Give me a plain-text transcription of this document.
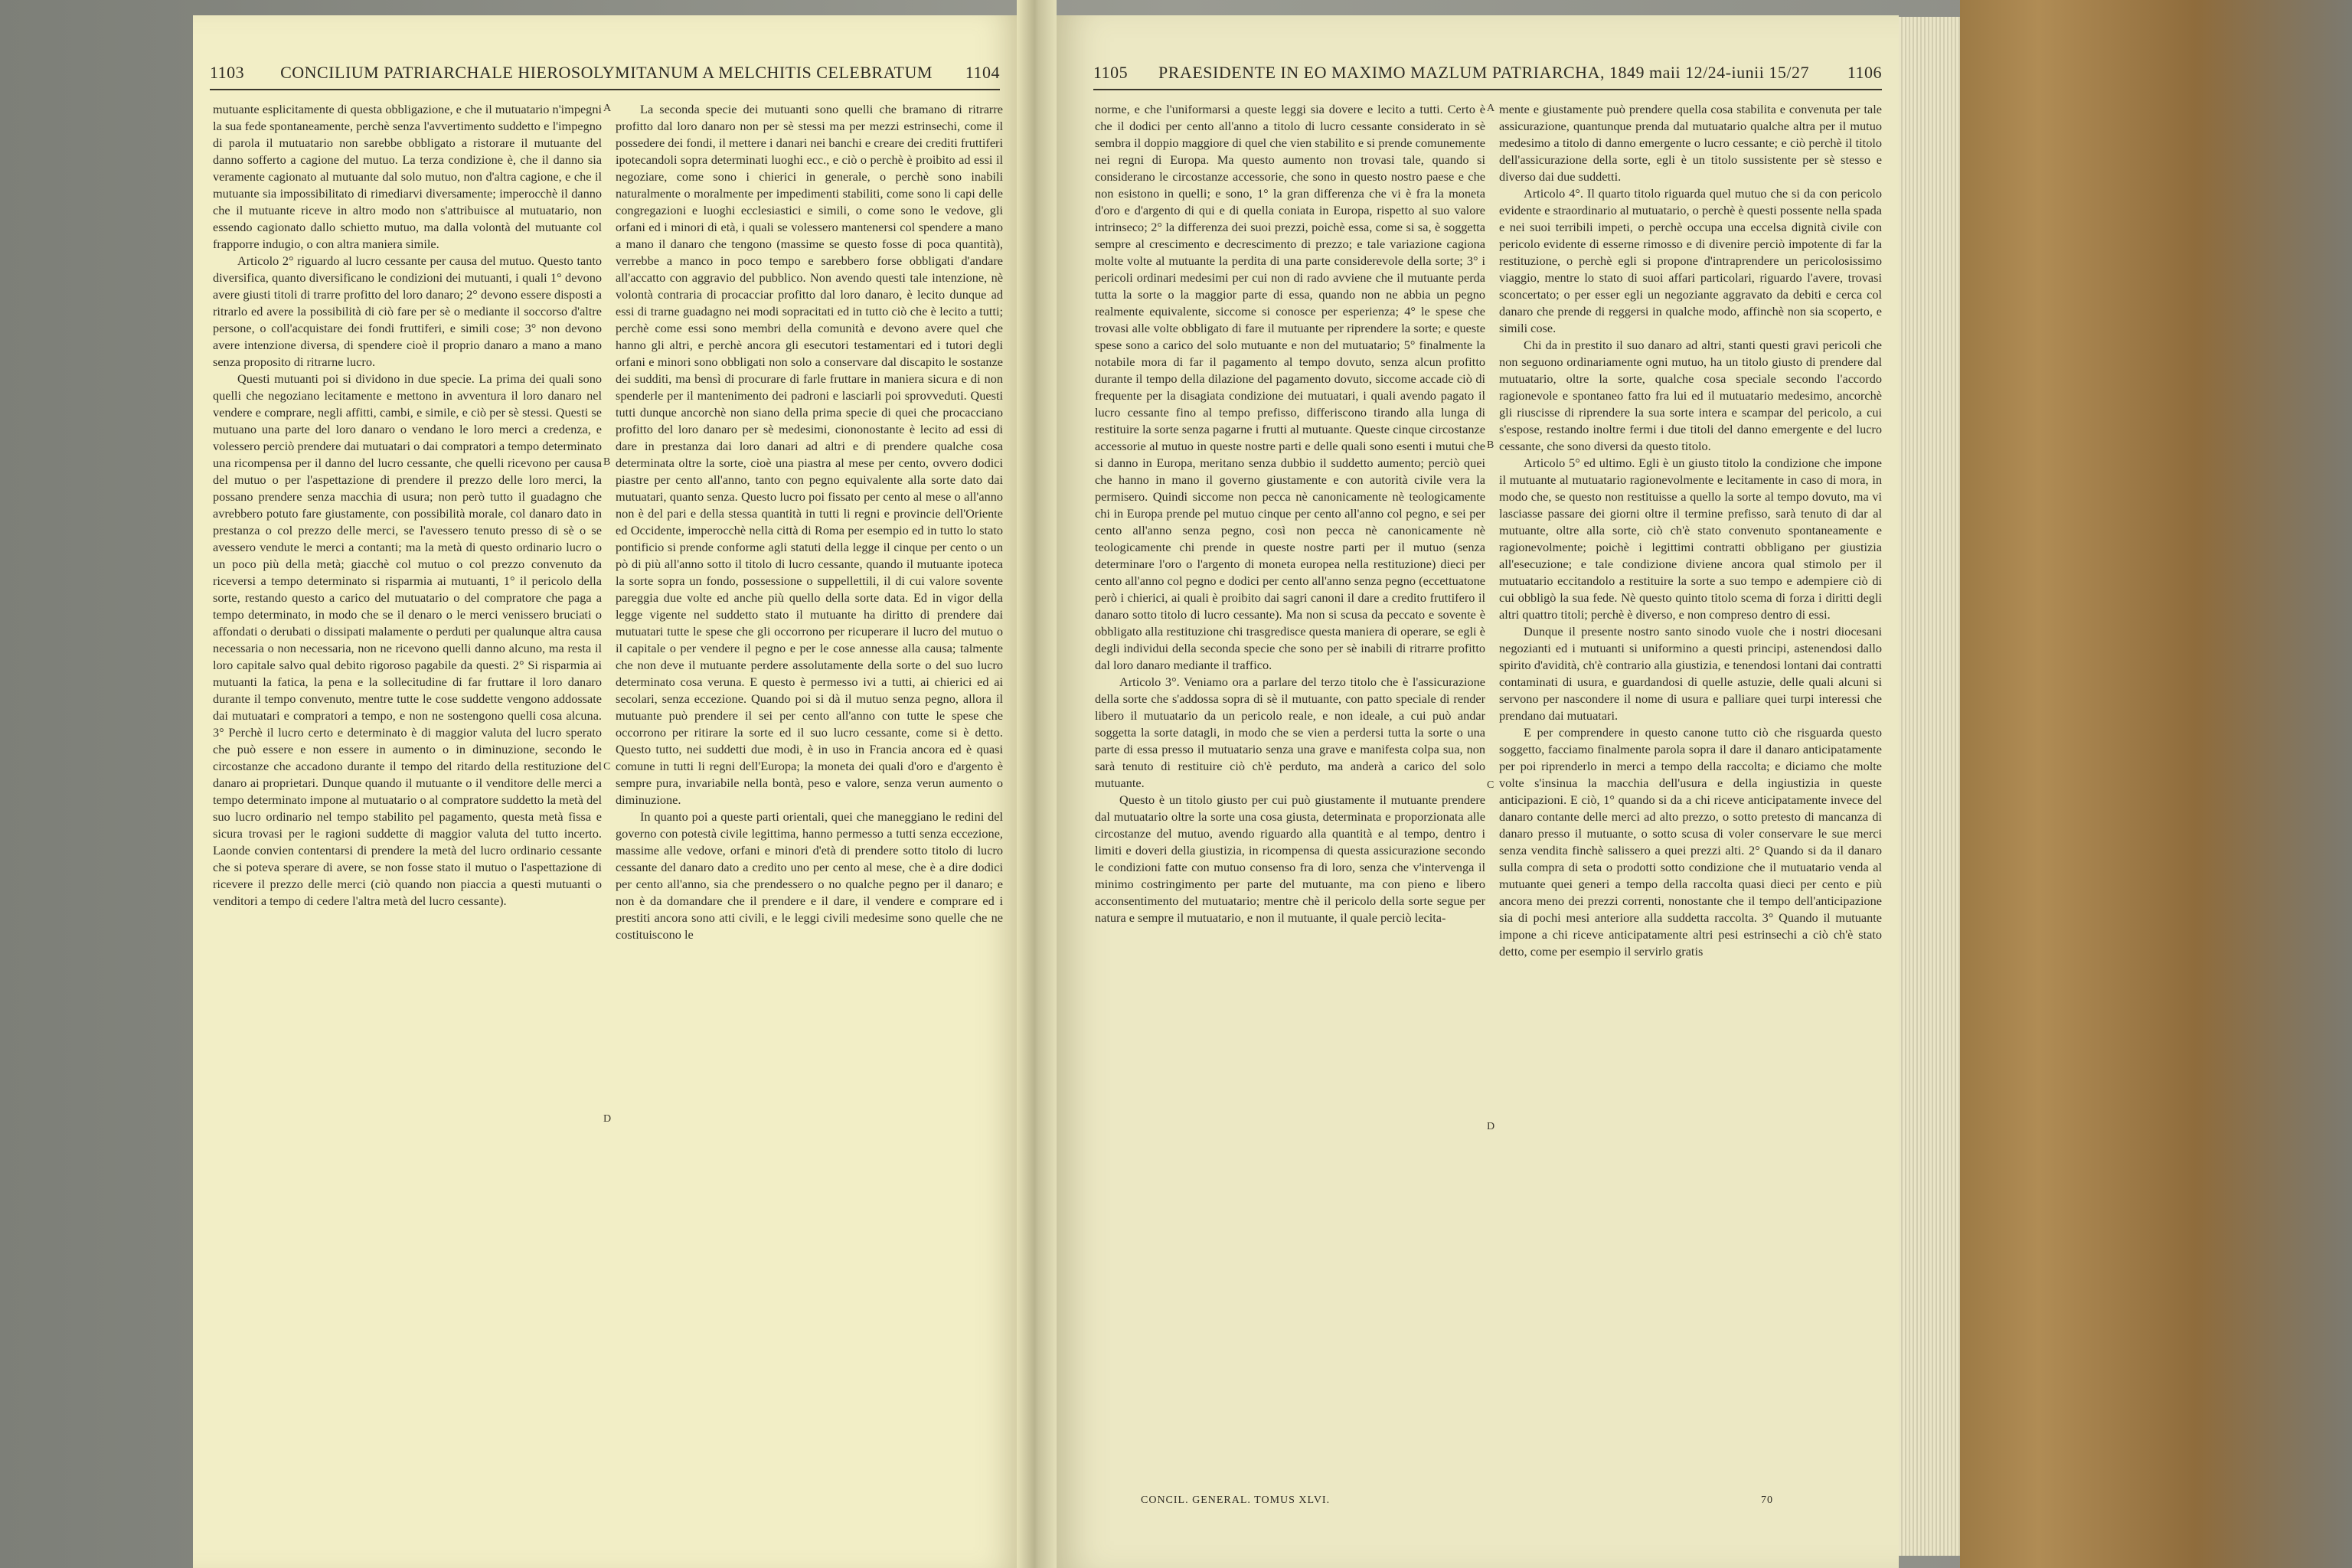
1103	CONCILIUM PATRIARCHALE HIEROSOLYMITANUM A MELCHITIS CELEBRATUM	1104

mutuante esplicitamente di questa obbligazione, e che il mutuatario n'impegni la sua fede spontaneamente, perchè senza l'avvertimento suddetto e l'impegno di parola il mutuatario non sarebbe obbligato a ristorare il mutuante del danno sofferto a cagione del mutuo. La terza condizione è, che il danno sia veramente cagionato al mutuante dal solo mutuo, non d'altra cagione, e che il mutuante sia impossibilitato di rimediarvi diversamente; imperocchè il danno che il mutuante riceve in altro modo non s'attribuisce al mutuatario, non essendo cagionato dallo schietto mutuo, ma dalla volontà del mutuante col frapporre indugio, o con altra maniera simile.

Articolo 2° riguardo al lucro cessante per causa del mutuo. Questo tanto diversifica, quanto diversificano le condizioni dei mutuanti, i quali 1° devono avere giusti titoli di trarre profitto del loro danaro; 2° devono essere disposti a ritrarlo ed avere la possibilità di ciò fare per sè o mediante il soccorso d'altre persone, o coll'acquistare dei fondi fruttiferi, e simili cose; 3° non devono avere intenzione diversa, di spendere cioè il proprio danaro a mano a mano senza proposito di ritrarne lucro.

Questi mutuanti poi si dividono in due specie. La prima dei quali sono quelli che negoziano lecitamente e mettono in avventura il loro danaro nel vendere e comprare, negli affitti, cambi, e simile, e ciò per sè stessi. Questi se mutuano una parte del loro danaro o vendano le loro merci a credenza, e volessero perciò prendere dai mutuatari o dai compratori a tempo determinato una ricompensa per il danno del lucro cessante, che quelli ricevono per causa del mutuo o per l'aspettazione di prendere il prezzo delle loro merci, la possano prendere senza macchia di usura; non però tutto il guadagno che avrebbero potuto fare giustamente, con possibilità morale, col danaro dato in prestanza o col prezzo delle merci, se l'avessero tenuto presso di sè o se avessero vendute le merci a contanti; ma la metà di questo ordinario lucro o un poco più della metà; giacchè col mutuo o col prezzo convenuto da riceversi a tempo determinato si risparmia ai mutuanti, 1° il pericolo della sorte, restando questo a carico del mutuatario o del compratore che paga a tempo determinato, in modo che se il denaro o le merci venissero bruciati o affondati o derubati o dissipati malamente o perduti per qualunque altra causa necessaria o non necessaria, non ne ricevono quelli danno alcuno, ma resta il loro capitale salvo qual debito rigoroso pagabile da questi. 2° Si risparmia ai mutuanti la fatica, la pena e la sollecitudine di far fruttare il loro danaro durante il tempo convenuto, mentre tutte le cose suddette vengono addossate dai mutuatari e compratori a tempo, e non ne sostengono quelli cosa alcuna. 3° Perchè il lucro certo e determinato è di maggior valuta del lucro sperato che può essere e non essere in aumento o in diminuzione, secondo le circostanze che accadono durante il tempo del ritardo della restituzione del danaro ai proprietari. Dunque quando il mutuante o il venditore delle merci a tempo determinato impone al mutuatario o al compratore suddetto la metà del suo lucro ordinario nel tempo stabilito pel pagamento, questa metà fissa e sicura trovasi per le ragioni suddette di maggior valuta del tutto incerto. Laonde convien contentarsi di prendere la metà del lucro ordinario cessante che si poteva sperare di avere, se non fosse stato il mutuo o l'aspettazione di ricevere il prezzo delle merci (ciò quando non piaccia a questi mutuanti o venditori a tempo di cedere l'altra metà del lucro cessante).

A
B
C
D

La seconda specie dei mutuanti sono quelli che bramano di ritrarre profitto dal loro danaro non per sè stessi ma per mezzi estrinsechi, come il possedere dei fondi, il mettere i danari nei banchi e creare dei crediti fruttiferi ipotecandoli sopra determinati luoghi ecc., e ciò o perchè è proibito ad essi il negoziare, come sono i chierici in generale, o perchè sono inabili naturalmente o moralmente per impedimenti stabiliti, come sono li capi delle congregazioni e luoghi ecclesiastici e simili, o come sono le vedove, gli orfani ed i minori di età, i quali se volessero mantenersi col spendere a mano a mano il danaro che tengono (massime se questo fosse di poca quantità), verrebbe a manco in poco tempo e sarebbero forse obbligati d'andare all'accatto con aggravio del pubblico. Non avendo questi tale intenzione, nè volontà contraria di procacciar profitto dal loro danaro, è lecito dunque ad essi di trarne guadagno nei modi sopracitati ed in tutto ciò che è lecito a tutti; perchè come essi sono membri della comunità e devono avere quel che hanno gli altri, e perchè ancora gli esecutori testamentari ed i tutori degli orfani e minori sono obbligati non solo a conservare dal discapito le sostanze dei sudditi, ma bensì di procurare di farle fruttare in maniera sicura e di non spenderle per il mantenimento dei padroni e lasciarli poi sprovveduti. Questi tutti dunque ancorchè non siano della prima specie di quei che procacciano profitto del loro danaro per sè medesimi, ciononostante è lecito ad essi di dare in prestanza dai loro danari ad altri e di prendere qualche cosa determinata oltre la sorte, cioè una piastra al mese per cento, ovvero dodici piastre per cento all'anno, tanto con pegno equivalente alla sorte dato dai mutuatari, quanto senza. Questo lucro poi fissato per cento al mese o all'anno non è del pari e della stessa quantità in tutti li regni e provincie dell'Oriente ed Occidente, imperocchè nella città di Roma per esempio ed in tutto lo stato pontificio si prende conforme agli statuti della legge il cinque per cento o un pò di più all'anno sotto il titolo di lucro cessante, quando il mutuante ipoteca la sorte sopra un fondo, possessione o suppellettili, il di cui valore sovente pareggia due volte ed anche più quello della sorte data. Ed in vigor della legge vigente nel suddetto stato il mutuante ha diritto di prendere dai mutuatari tutte le spese che gli occorrono per ricuperare il lucro del mutuo o il capitale o per vendere il pegno e per le cose annesse alla causa; talmente che non deve il mutuante perdere assolutamente della sorte o del suo lucro determinato cosa veruna. E questo è permesso ivi a tutti, ai chierici ed ai secolari, senza eccezione. Quando poi si dà il mutuo senza pegno, allora il mutuante può prendere il sei per cento all'anno con tutte le spese che occorrono per ritirare la sorte ed il suo lucro cessante, come si è detto. Questo tutto, nei suddetti due modi, è in uso in Francia ancora ed è quasi comune in tutti li regni dell'Europa; la moneta dei quali d'oro e d'argento è sempre pura, invariabile nella bontà, peso e valore, senza verun aumento o diminuzione.

In quanto poi a queste parti orientali, quei che maneggiano le redini del governo con potestà civile legittima, hanno permesso a tutti senza eccezione, massime alle vedove, orfani e minori d'età di prendere sotto titolo di lucro cessante del danaro dato a credito uno per cento al mese, che è a dire dodici per cento all'anno, sia che prendessero o no qualche pegno per il danaro; e non è da domandare che il prendere e il dare, il vendere e comprare ed i prestiti ancora sono atti civili, e le leggi civili medesime sono quelle che ne costituiscono le

1105	PRAESIDENTE IN EO MAXIMO MAZLUM PATRIARCHA, 1849 maii 12/24-iunii 15/27	1106

norme, e che l'uniformarsi a queste leggi sia dovere e lecito a tutti. Certo è che il dodici per cento all'anno a titolo di lucro cessante considerato in sè sembra il doppio maggiore di quel che vien stabilito e si prende comunemente nei regni di Europa. Ma questo aumento non trovasi tale, quando si considerano le circostanze accessorie, che sono in questo nostro paese e che non esistono in quelli; e sono, 1° la gran differenza che vi è fra la moneta d'oro e d'argento di qui e di quella coniata in Europa, rispetto al suo valore intrinseco; 2° la differenza dei suoi prezzi, poichè essa, come si sa, è soggetta sempre al crescimento e decrescimento di prezzo; e tale variazione cagiona molte volte al mutuante la perdita di una parte considerevole della sorte; 3° i pericoli ordinari medesimi per cui non di rado avviene che il mutuante perda tutta la sorte o la maggior parte di essa, quando non ne abbia un pegno realmente equivalente, siccome si conosce per esperienza; 4° le spese che trovasi alle volte obbligato di fare il mutuante per riprendere la sorte; e queste spese sono a carico del solo mutuante e non del mutuatario; 5° finalmente la notabile mora di far il pagamento al tempo dovuto, senza alcun profitto durante il tempo della dilazione del pagamento dovuto, siccome accade ciò di frequente per la disagiata condizione dei mutuatari, i quali avendo pagato il lucro cessante fino al tempo prefisso, differiscono tirando alla lunga di restituire la sorte senza pagarne i frutti al mutuante. Queste cinque circostanze accessorie al mutuo in queste nostre parti e delle quali sono esenti i mutui che si danno in Europa, meritano senza dubbio il suddetto aumento; perciò quei che hanno in mano il governo giustamente e con autorità civile vera la permisero. Quindi siccome non pecca nè canonicamente nè teologicamente chi in Europa prende pel mutuo cinque per cento all'anno col pegno, e sei per cento all'anno senza pegno, così non pecca nè canonicamente nè teologicamente chi prende in queste nostre parti per il mutuo (senza determinare l'oro o l'argento di moneta europea nella restituzione) dieci per cento all'anno col pegno e dodici per cento all'anno senza pegno (eccettuatone però i chierici, ai quali è proibito dai sagri canoni il dare a credito fruttifero il danaro sotto titolo di lucro cessante). Ma non si scusa da peccato e sovente è obbligato alla restituzione chi trasgredisce questa maniera di operare, se egli è degli individui della seconda specie che sono per sè inabili di ritrarre profitto dal loro danaro mediante il traffico.

Articolo 3°. Veniamo ora a parlare del terzo titolo che è l'assicurazione della sorte che s'addossa sopra di sè il mutuante, con patto speciale di render libero il mutuatario da un pericolo reale, e non ideale, a cui può andar soggetta la sorte datagli, in modo che se vien a perdersi tutta la sorte o una parte di essa presso il mutuatario senza una grave e manifesta colpa sua, non sarà tenuto di restituire ciò ch'è perduto, ma anderà a carico del solo mutuante.

Questo è un titolo giusto per cui può giustamente il mutuante prendere dal mutuatario oltre la sorte una cosa giusta, determinata e proporzionata alle circostanze del mutuo, avendo riguardo alla quantità e al tempo, dentro i limiti e doveri della giustizia, in ricompensa di questa assicurazione secondo le condizioni fatte con mutuo consenso fra di loro, senza che v'intervenga il minimo costringimento per parte del mutuante, ma con pieno e libero acconsentimento del mutuatario; mentre chè il pericolo della sorte segue per natura e sempre il mutuatario, e non il mutuante, il quale perciò lecita-

A
B
C
D

mente e giustamente può prendere quella cosa stabilita e convenuta per tale assicurazione, quantunque prenda dal mutuatario qualche altra per il mutuo medesimo a titolo di danno emergente o lucro cessante; e ciò perchè il titolo dell'assicurazione della sorte, egli è un titolo sussistente per sè stesso e diverso dai due suddetti.

Articolo 4°. Il quarto titolo riguarda quel mutuo che si da con pericolo evidente e straordinario al mutuatario, o perchè è questi possente nella spada e nei suoi terribili impeti, o perchè occupa una eccelsa dignità civile con pericolo evidente di esserne rimosso e di divenire perciò impotente di far la restituzione, o perchè egli si propone d'intraprendere un pericolosissimo viaggio, mentre lo stato di suoi affari particolari, riguardo l'avere, trovasi sconcertato; o per esser egli un negoziante aggravato da debiti e cerca col danaro che prende di reggersi in qualche modo, affinchè non sia scoperto, e simili cose.

Chi da in prestito il suo danaro ad altri, stanti questi gravi pericoli che non seguono ordinariamente ogni mutuo, ha un titolo giusto di prendere dal mutuatario, oltre la sorte, qualche cosa speciale secondo l'accordo ragionevole e spontaneo fatto fra lui ed il mutuatario medesimo, ancorchè gli riuscisse di riprendere la sua sorte intera e scampar del pericolo, a cui s'espose, restando inoltre fermi i due titoli del danno emergente e del lucro cessante, che sono diversi da questo titolo.

Articolo 5° ed ultimo. Egli è un giusto titolo la condizione che impone il mutuante al mutuatario ragionevolmente e lecitamente in caso di mora, in modo che, se questo non restituisse a quello la sorte al tempo dovuto, ma vi lasciasse passare dei giorni oltre il termine prefisso, sarà tenuto di dar al mutuante, oltre alla sorte, ciò ch'è stato convenuto spontaneamente e ragionevolmente; poichè i legittimi contratti obbligano per giustizia all'esecuzione; e tale condizione diviene ancora qual stimolo per il mutuatario eccitandolo a restituire la sorte a suo tempo e adempiere ciò di cui obbligò la sua fede. Nè questo quinto titolo scema di forza i diritti degli altri quattro titoli; perchè è diverso, e non compreso dentro di essi.

Dunque il presente nostro santo sinodo vuole che i nostri diocesani negozianti ed i mutuanti si uniformino a questi principi, astenendosi dallo spirito d'avidità, ch'è contrario alla giustizia, e tenendosi lontani dai contratti contaminati di usura, e guardandosi di quelle astuzie, delle quali alcuni si servono per nascondere il nome di usura e palliare quei turpi interessi che prendano dai mutuatari.

E per comprendere in questo canone tutto ciò che risguarda questo soggetto, facciamo finalmente parola sopra il dare il danaro anticipatamente per poi riprenderlo in merci a tempo della raccolta; e diciamo che molte volte s'insinua la macchia dell'usura e della ingiustizia in queste anticipazioni. E ciò, 1° quando si da a chi riceve anticipatamente invece del danaro contante delle merci ad alto prezzo, o sotto pretesto di mancanza di danaro presso il mutuante, o sotto scusa di voler conservare le sue merci senza vendita finchè salissero a quei prezzi alti. 2° Quando si da il danaro sulla compra di seta o prodotti sotto condizione che il mutuatario venda al mutuante quei generi a tempo della raccolta quasi dieci per cento e più ancora meno dei prezzi correnti, nonostante che il tempo dell'anticipazione sia di pochi mesi anteriore alla suddetta raccolta. 3° Quando il mutuante impone a chi riceve anticipatamente altri pesi estrinsechi a ciò ch'è stato detto, come per esempio il servirlo gratis

CONCIL. GENERAL. TOMUS XLVI.	70
